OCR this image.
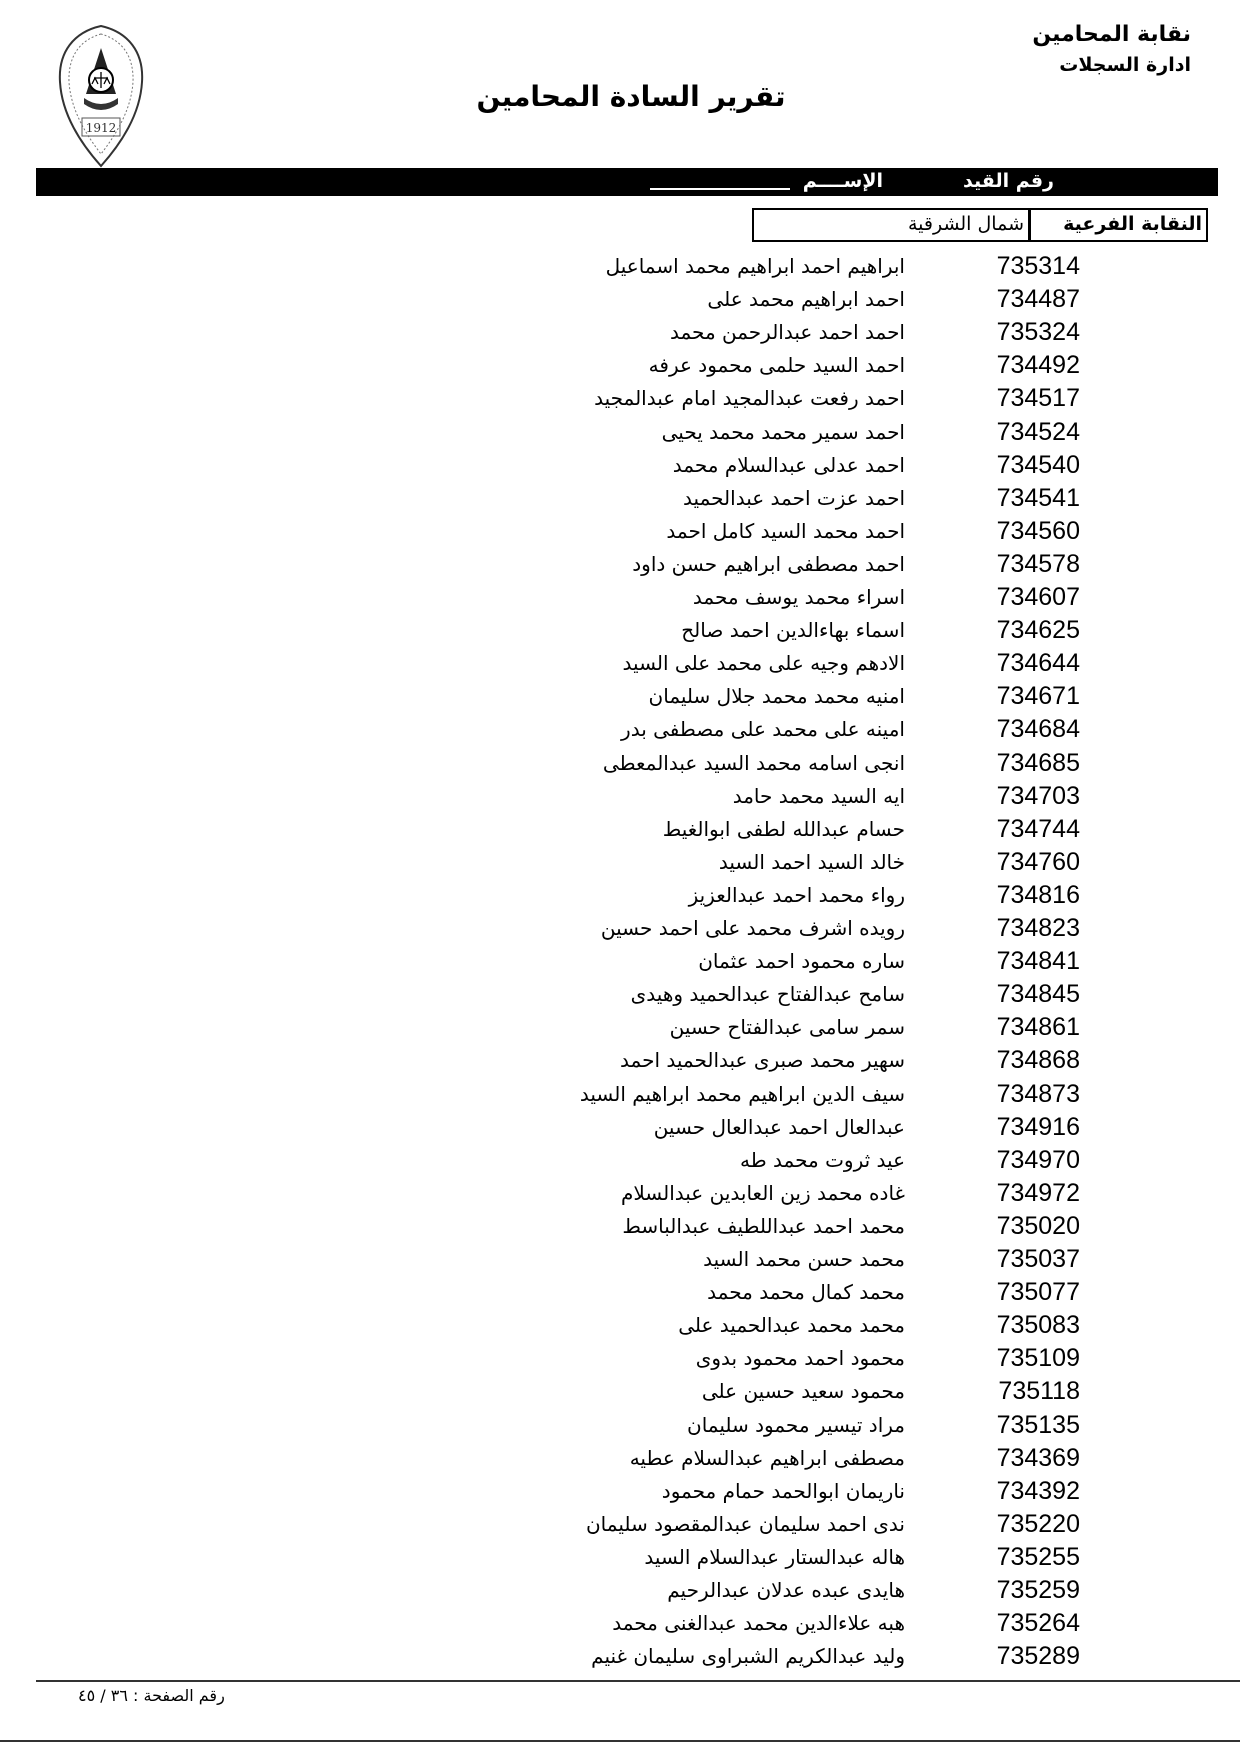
نقابة المحامين
ادارة السجلات
تقرير السادة المحامين
1912
رقم القيد
الإســــم
النقابة الفرعية
شمال الشرقية
735314
ابراهيم احمد ابراهيم محمد اسماعيل
734487
احمد ابراهيم محمد على
735324
احمد احمد عبدالرحمن محمد
734492
احمد السيد حلمى محمود عرفه
734517
احمد رفعت عبدالمجيد امام عبدالمجيد
734524
احمد سمير محمد محمد يحيى
734540
احمد عدلى عبدالسلام محمد
734541
احمد عزت احمد عبدالحميد
734560
احمد محمد السيد كامل احمد
734578
احمد مصطفى ابراهيم حسن داود
734607
اسراء محمد يوسف محمد
734625
اسماء بهاءالدين احمد صالح
734644
الادهم وجيه على محمد على السيد
734671
امنيه محمد محمد جلال سليمان
734684
امينه على محمد على مصطفى بدر
734685
انجى اسامه محمد السيد عبدالمعطى
734703
ايه السيد محمد حامد
734744
حسام عبدالله لطفى ابوالغيط
734760
خالد السيد احمد السيد
734816
رواء محمد احمد عبدالعزيز
734823
رويده اشرف محمد على احمد حسين
734841
ساره محمود احمد عثمان
734845
سامح عبدالفتاح عبدالحميد وهيدى
734861
سمر سامى عبدالفتاح حسين
734868
سهير محمد صبرى عبدالحميد احمد
734873
سيف الدين ابراهيم محمد ابراهيم السيد
734916
عبدالعال احمد عبدالعال حسين
734970
عيد ثروت محمد طه
734972
غاده محمد زين العابدين عبدالسلام
735020
محمد احمد عبداللطيف عبدالباسط
735037
محمد حسن محمد السيد
735077
محمد كمال محمد محمد
735083
محمد محمد عبدالحميد على
735109
محمود احمد محمود بدوى
735118
محمود سعيد حسين على
735135
مراد تيسير محمود سليمان
734369
مصطفى ابراهيم عبدالسلام عطيه
734392
ناريمان ابوالحمد حمام محمود
735220
ندى احمد سليمان عبدالمقصود سليمان
735255
هاله عبدالستار عبدالسلام السيد
735259
هايدى عبده عدلان عبدالرحيم
735264
هبه علاءالدين محمد عبدالغنى محمد
735289
وليد عبدالكريم الشبراوى سليمان غنيم
رقم الصفحة : ٣٦ / ٤٥
